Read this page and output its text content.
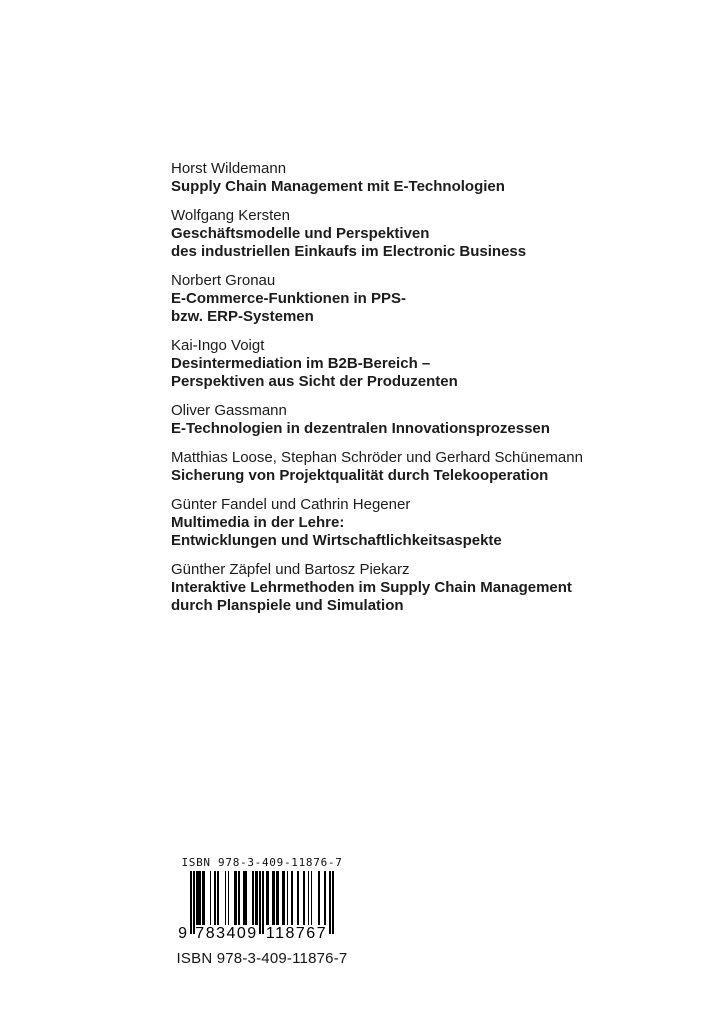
Horst Wildemann
Supply Chain Management mit E-Technologien
Wolfgang Kersten
Geschäftsmodelle und Perspektiven
des industriellen Einkaufs im Electronic Business
Norbert Gronau
E-Commerce-Funktionen in PPS-
bzw. ERP-Systemen
Kai-Ingo Voigt
Desintermediation im B2B-Bereich –
Perspektiven aus Sicht der Produzenten
Oliver Gassmann
E-Technologien in dezentralen Innovationsprozessen
Matthias Loose, Stephan Schröder und Gerhard Schünemann
Sicherung von Projektqualität durch Telekooperation
Günter Fandel und Cathrin Hegener
Multimedia in der Lehre:
Entwicklungen und Wirtschaftlichkeitsaspekte
Günther Zäpfel und Bartosz Piekarz
Interaktive Lehrmethoden im Supply Chain Management
durch Planspiele und Simulation
ISBN 978-3-409-11876-7
9 783409 118767
ISBN 978-3-409-11876-7
